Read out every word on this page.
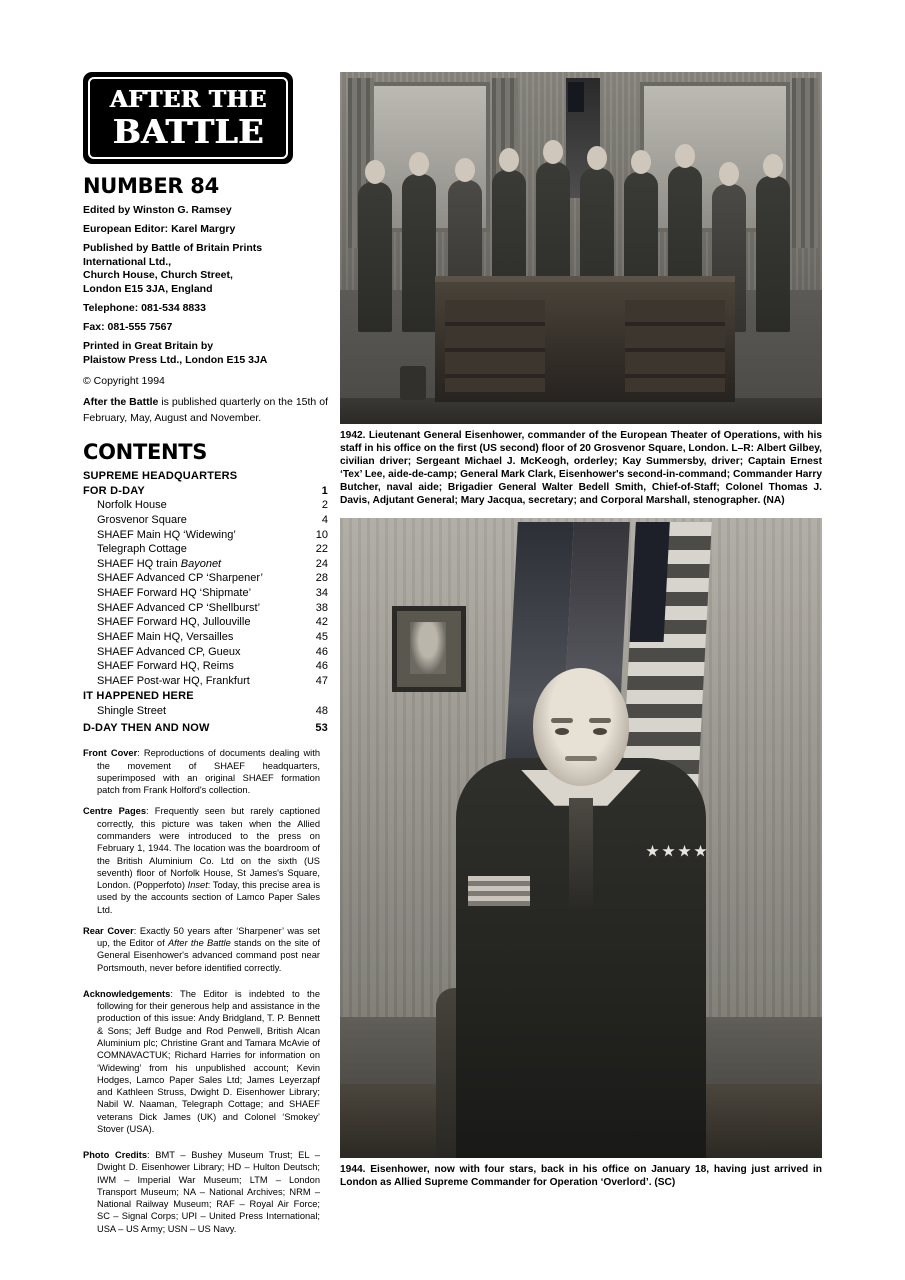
AFTER THE
BATTLE
NUMBER 84

Edited by Winston G. Ramsey

European Editor: Karel Margry

Published by Battle of Britain Prints
International Ltd.,
Church House, Church Street,
London E15 3JA, England

Telephone: 081-534 8833

Fax: 081-555 7567

Printed in Great Britain by
Plaistow Press Ltd., London E15 3JA

© Copyright 1994
After the Battle is published quarterly on the 15th of February, May, August and November.
CONTENTS
SUPREME HEADQUARTERS
FOR D-DAY	1
Norfolk House	2
Grosvenor Square	4
SHAEF Main HQ ‘Widewing’	10
Telegraph Cottage	22
SHAEF HQ train Bayonet	24
SHAEF Advanced CP ‘Sharpener’	28
SHAEF Forward HQ ‘Shipmate’	34
SHAEF Advanced CP ‘Shellburst’	38
SHAEF Forward HQ, Jullouville	42
SHAEF Main HQ, Versailles	45
SHAEF Advanced CP, Gueux	46
SHAEF Forward HQ, Reims	46
SHAEF Post-war HQ, Frankfurt	47
IT HAPPENED HERE
Shingle Street	48
D-DAY THEN AND NOW	53

Front Cover: Reproductions of documents dealing with the movement of SHAEF headquarters, superimposed with an original SHAEF formation patch from Frank Holford's collection.

Centre Pages: Frequently seen but rarely captioned correctly, this picture was taken when the Allied commanders were introduced to the press on February 1, 1944. The location was the boardroom of the British Aluminium Co. Ltd on the sixth (US seventh) floor of Norfolk House, St James's Square, London. (Popperfoto) Inset: Today, this precise area is used by the accounts section of Lamco Paper Sales Ltd.

Rear Cover: Exactly 50 years after ‘Sharpener’ was set up, the Editor of After the Battle stands on the site of General Eisenhower's advanced command post near Portsmouth, never before identified correctly.

Acknowledgements: The Editor is indebted to the following for their generous help and assistance in the production of this issue: Andy Bridgland, T. P. Bennett & Sons; Jeff Budge and Rod Penwell, British Alcan Aluminium plc; Christine Grant and Tamara McAvie of COMNAVACTUK; Richard Harries for information on ‘Widewing’ from his unpublished account; Kevin Hodges, Lamco Paper Sales Ltd; James Leyerzapf and Kathleen Struss, Dwight D. Eisenhower Library; Nabil W. Naaman, Telegraph Cottage; and SHAEF veterans Dick James (UK) and Colonel ‘Smokey’ Stover (USA).

Photo Credits: BMT – Bushey Museum Trust; EL – Dwight D. Eisenhower Library; HD – Hulton Deutsch; IWM – Imperial War Museum; LTM – London Transport Museum; NA – National Archives; NRM – National Railway Museum; RAF – Royal Air Force; SC – Signal Corps; UPI – United Press International; USA – US Army; USN – US Navy.

1942. Lieutenant General Eisenhower, commander of the European Theater of Operations, with his staff in his office on the first (US second) floor of 20 Grosvenor Square, London. L–R: Albert Gilbey, civilian driver; Sergeant Michael J. McKeogh, orderley; Kay Summersby, driver; Captain Ernest ‘Tex’ Lee, aide-de-camp; General Mark Clark, Eisenhower's second-in-command; Commander Harry Butcher, naval aide; Brigadier General Walter Bedell Smith, Chief-of-Staff; Colonel Thomas J. Davis, Adjutant General; Mary Jacqua, secretary; and Corporal Marshall, stenographer. (NA)
1944. Eisenhower, now with four stars, back in his office on January 18, having just arrived in London as Allied Supreme Commander for Operation ‘Overlord’. (SC)
